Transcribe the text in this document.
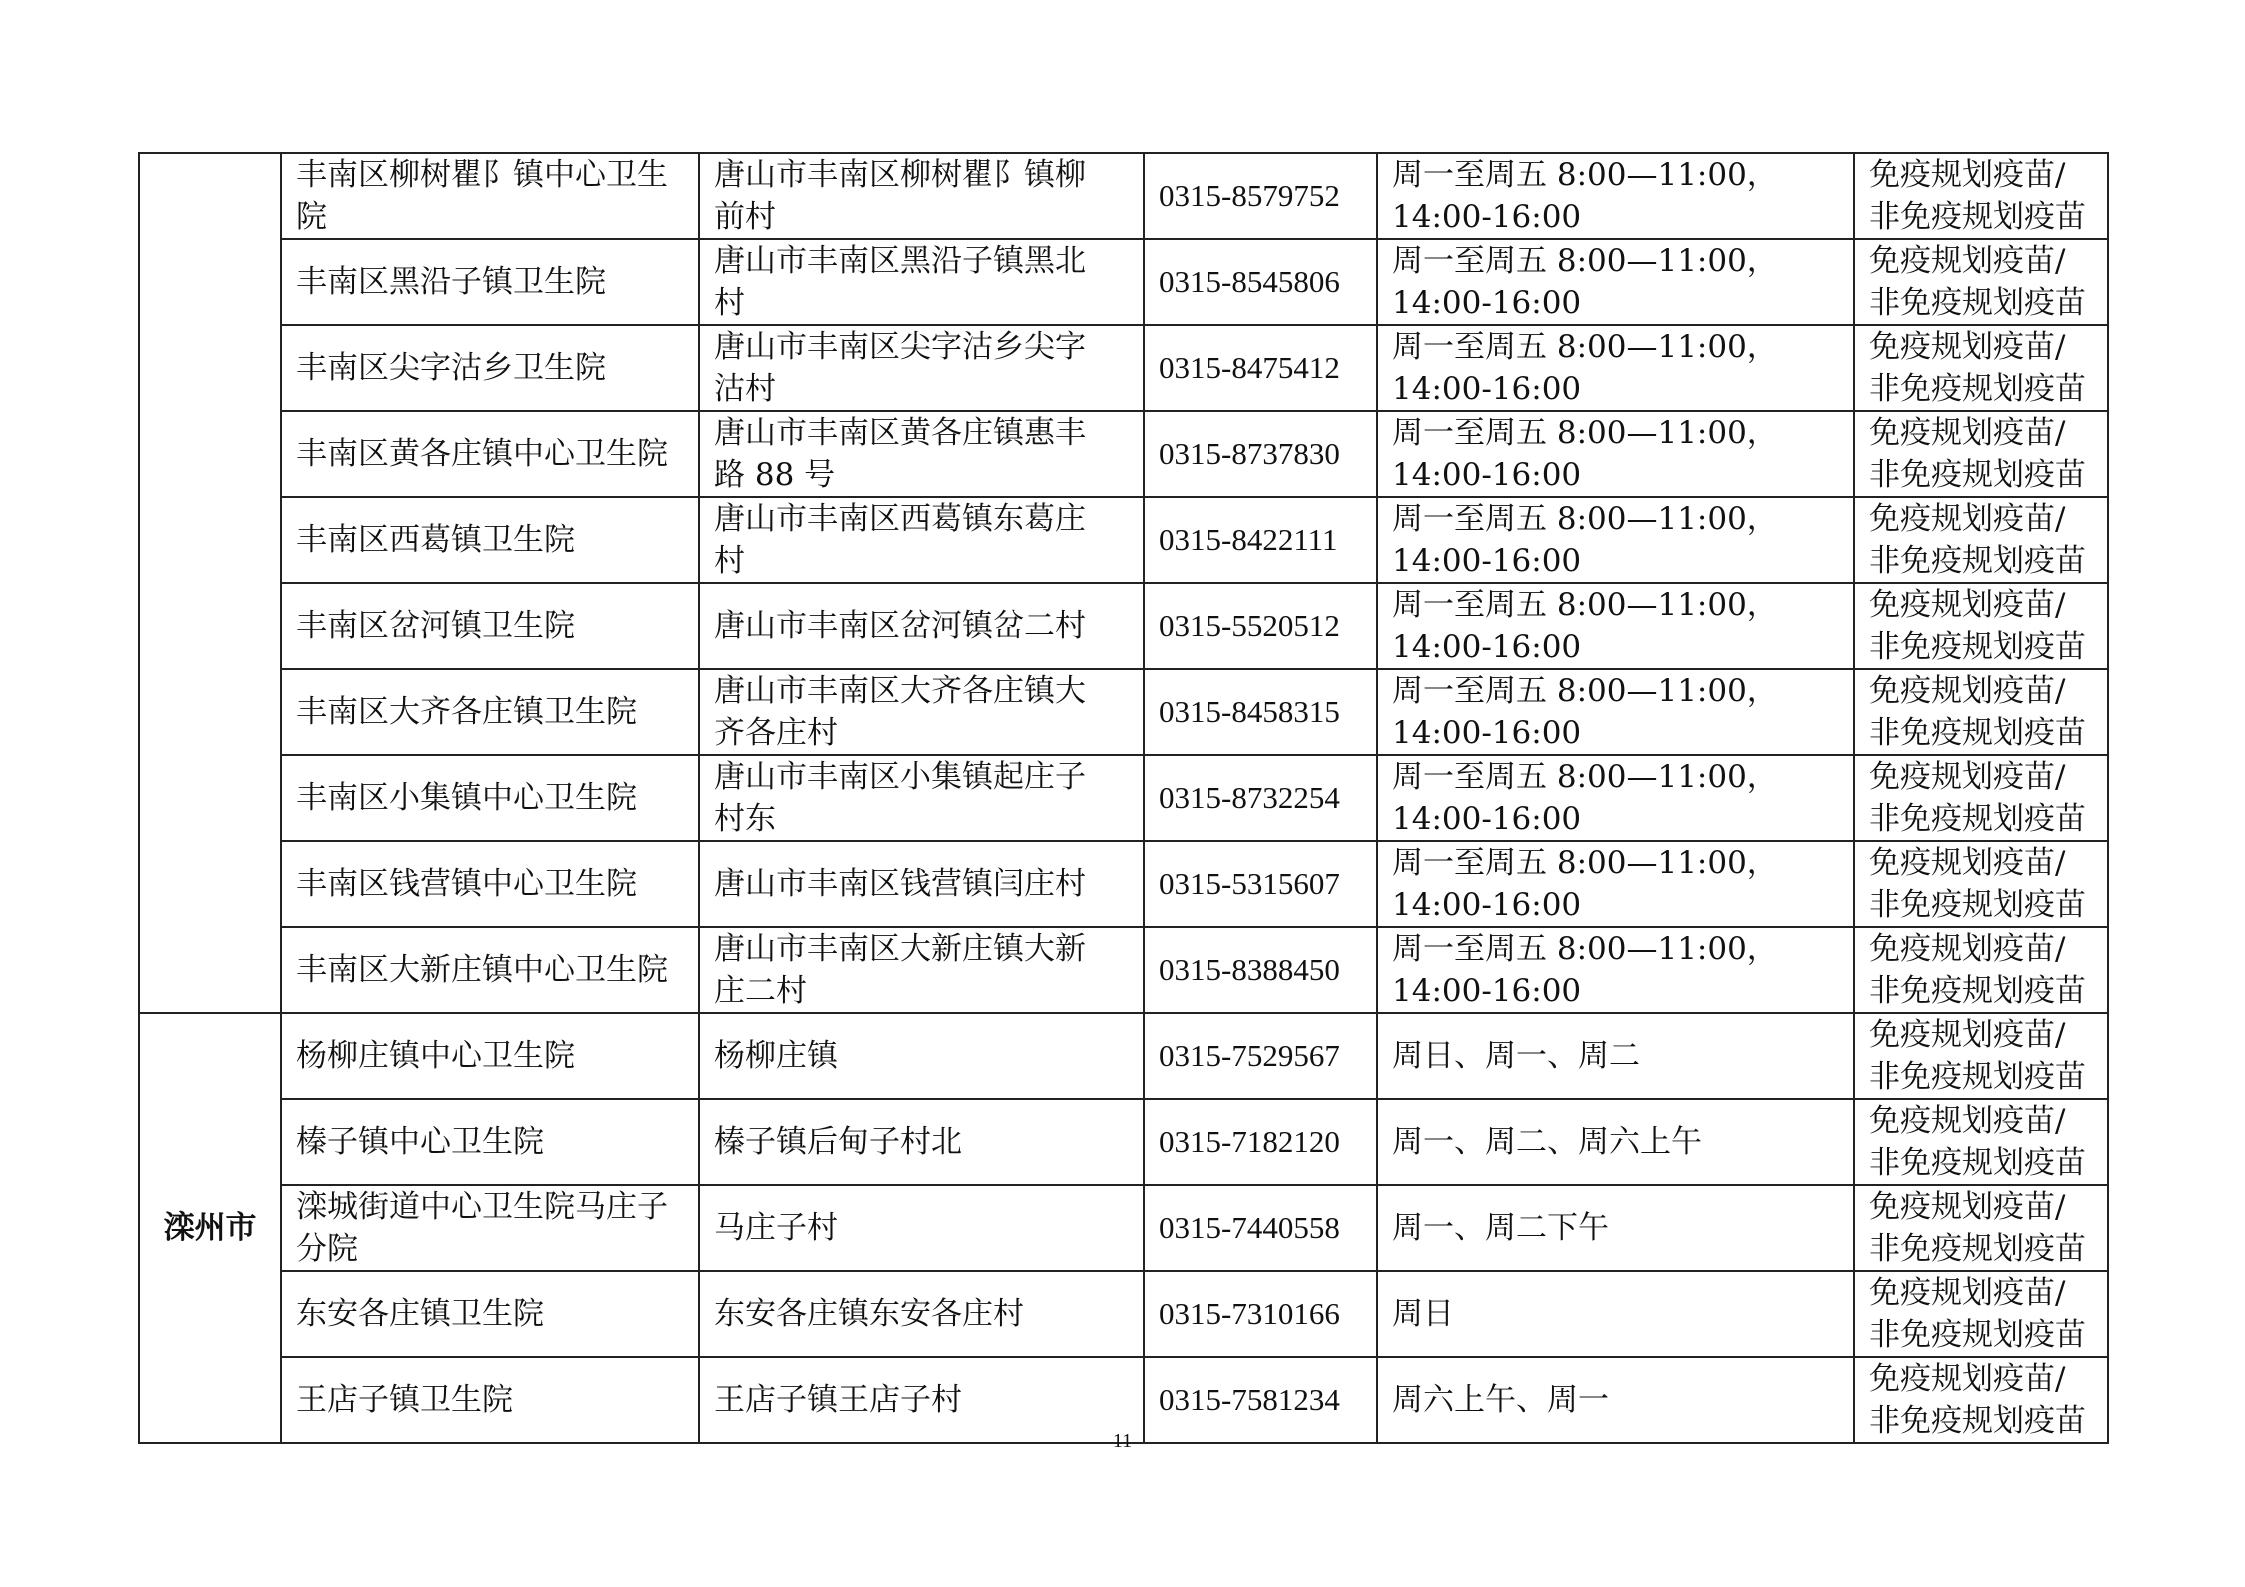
	丰南区柳树瞿阝镇中心卫生
院	唐山市丰南区柳树瞿阝镇柳
前村	0315-8579752	周一至周五 8:00—11:00，
14:00-16:00	免疫规划疫苗/
非免疫规划疫苗

	丰南区黑沿子镇卫生院	唐山市丰南区黑沿子镇黑北
村	0315-8545806	周一至周五 8:00—11:00，
14:00-16:00	免疫规划疫苗/
非免疫规划疫苗

	丰南区尖字沽乡卫生院	唐山市丰南区尖字沽乡尖字
沽村	0315-8475412	周一至周五 8:00—11:00，
14:00-16:00	免疫规划疫苗/
非免疫规划疫苗

	丰南区黄各庄镇中心卫生院	唐山市丰南区黄各庄镇惠丰
路 88 号	0315-8737830	周一至周五 8:00—11:00，
14:00-16:00	免疫规划疫苗/
非免疫规划疫苗

	丰南区西葛镇卫生院	唐山市丰南区西葛镇东葛庄
村	0315-8422111	周一至周五 8:00—11:00，
14:00-16:00	免疫规划疫苗/
非免疫规划疫苗

	丰南区岔河镇卫生院	唐山市丰南区岔河镇岔二村	0315-5520512	周一至周五 8:00—11:00，
14:00-16:00	免疫规划疫苗/
非免疫规划疫苗

	丰南区大齐各庄镇卫生院	唐山市丰南区大齐各庄镇大
齐各庄村	0315-8458315	周一至周五 8:00—11:00，
14:00-16:00	免疫规划疫苗/
非免疫规划疫苗

	丰南区小集镇中心卫生院	唐山市丰南区小集镇起庄子
村东	0315-8732254	周一至周五 8:00—11:00，
14:00-16:00	免疫规划疫苗/
非免疫规划疫苗

	丰南区钱营镇中心卫生院	唐山市丰南区钱营镇闫庄村	0315-5315607	周一至周五 8:00—11:00，
14:00-16:00	免疫规划疫苗/
非免疫规划疫苗

	丰南区大新庄镇中心卫生院	唐山市丰南区大新庄镇大新
庄二村	0315-8388450	周一至周五 8:00—11:00，
14:00-16:00	免疫规划疫苗/
非免疫规划疫苗

滦州市	杨柳庄镇中心卫生院	杨柳庄镇	0315-7529567	周日、周一、周二	免疫规划疫苗/
非免疫规划疫苗

	榛子镇中心卫生院	榛子镇后甸子村北	0315-7182120	周一、周二、周六上午	免疫规划疫苗/
非免疫规划疫苗

	滦城街道中心卫生院马庄子
分院	马庄子村	0315-7440558	周一、周二下午	免疫规划疫苗/
非免疫规划疫苗

	东安各庄镇卫生院	东安各庄镇东安各庄村	0315-7310166	周日	免疫规划疫苗/
非免疫规划疫苗

	王店子镇卫生院	王店子镇王店子村	0315-7581234	周六上午、周一	免疫规划疫苗/
非免疫规划疫苗
11
